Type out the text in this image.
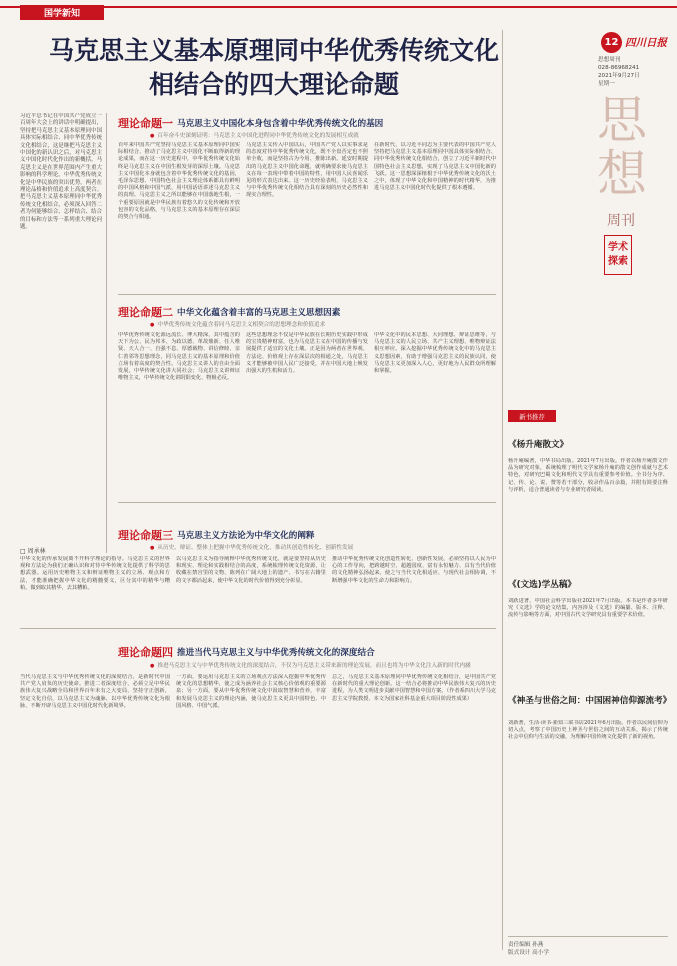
国学新知
马克思主义基本原理同中华优秀传统文化
相结合的四大理论命题
习近平总书记在中国共产党成立一百周年大会上的讲话中明确提出，坚持把马克思主义基本原理同中国具体实际相结合、同中华优秀传统文化相结合，这是继把马克思主义中国化的新认识之后，对马克思主义中国化时代化作出的新概括。马克思主义是在世界范围内产生重大影响的科学理论，中华优秀传统文化是中华民族的突出优势，两者在理论品格和价值追求上高度契合。把马克思主义基本原理同中华优秀传统文化相结合，必须深入回答二者为何能够结合、怎样结合、结合的目标和方法等一系列重大理论问题。
□ 周承林
理论命题一 马克思主义中国化本身包含着中华优秀传统文化的基因
● 百年奋斗史深刻证明：马克思主义中国化进程同中华优秀传统文化的发展相互成就
百年来中国共产党坚持马克思主义基本原理同中国实际相结合，推动了马克思主义中国化不断取得新的理论成果，而在这一历史进程中，中华优秀传统文化始终是马克思主义在中国生根发芽的深厚土壤。马克思主义中国化本身就包含着中华优秀传统文化的基因，毛泽东思想、中国特色社会主义理论体系都具有鲜明的中国风格和中国气派，用中国话语讲述马克思主义的真理。马克思主义之所以能够在中国落地生根，一个重要原因就是中华民族有着悠久的文化传统和开放包容的文化品格，与马克思主义的基本原理存在深层的契合与相通。
马克思主义传入中国以后，中国共产党人以实事求是的态度对待中华优秀传统文化，既不全盘否定也不照单全收，而是坚持古为今用、推陈出新。延安时期提出的马克思主义中国化命题，就明确要求使马克思主义在每一表现中带着中国的特性，用中国人民喜闻乐见的形式表达出来。这一历史经验表明，马克思主义与中华优秀传统文化相结合具有深刻的历史必然性和现实合理性。
在新时代，以习近平同志为主要代表的中国共产党人坚持把马克思主义基本原理同中国具体实际相结合、同中华优秀传统文化相结合，创立了习近平新时代中国特色社会主义思想，实现了马克思主义中国化新的飞跃。这一思想深深植根于中华优秀传统文化的沃土之中，体现了中华文化和中国精神的时代精华，为推进马克思主义中国化时代化提供了根本遵循。
理论命题二 中华文化蕴含着丰富的马克思主义思想因素
● 中华优秀传统文化蕴含着同马克思主义相契合的思想理念和价值追求
中华优秀传统文化源远流长、博大精深，其中蕴含的天下为公、民为邦本、为政以德、革故鼎新、任人唯贤、天人合一、自强不息、厚德载物、讲信修睦、亲仁善邻等思想理念，同马克思主义的基本原理和价值立场有着高度的契合性。马克思主义讲人的自由全面发展，中华传统文化讲大同社会；马克思主义讲辩证唯物主义，中华传统文化讲阴阳变化、物极必反。
这些思想理念不仅是中华民族在长期历史实践中形成的宝贵精神财富，也为马克思主义在中国的传播与发展提供了适宜的文化土壤。正是因为两者在世界观、方法论、价值观上存在深层次的相通之处，马克思主义才能够被中国人民广泛接受，并在中国大地上焕发出强大的生机和活力。
中华文化中的民本思想、大同理想、辩证思维等，与马克思主义的人民立场、共产主义理想、唯物辩证法相互呼应。深入挖掘中华优秀传统文化中的马克思主义思想因素，有助于增强马克思主义的民族认同，使马克思主义更加深入人心，更好地为人民群众所理解和掌握。
理论命题三 马克思主义方法论为中华文化的阐释
● 从历史、辩证、整体上把握中华优秀传统文化，推动其创造性转化、创新性发展
中华文化的传承发展离不开科学理论的指导。马克思主义的世界观和方法论为我们正确认识和对待中华传统文化提供了科学的思想武器。运用历史唯物主义和辩证唯物主义的立场、观点和方法，才能准确把握中华文化的精髓要义，区分其中的精华与糟粕，做到取其精华、去其糟粕。
以马克思主义为指导阐释中华优秀传统文化，就是要坚持从历史和现实、理论和实践相结合的高度，系统梳理传统文化资源，让收藏在禁宫里的文物、陈列在广阔大地上的遗产、书写在古籍里的文字都活起来，使中华文化的时代价值得到充分彰显。
推动中华优秀传统文化创造性转化、创新性发展，必须坚持以人民为中心的工作导向，把跨越时空、超越国度、富有永恒魅力、具有当代价值的文化精神弘扬起来，使之与当代文化相适应、与现代社会相协调，不断增强中华文化的生命力和影响力。
理论命题四 推进当代马克思主义与中华优秀传统文化的深度结合
● 推进马克思主义与中华优秀传统文化的深度结合，不仅为马克思主义带来新的理论发展，而且也将为中华文化注入新的时代内涵
当代马克思主义与中华优秀传统文化的深度结合，是新时代中国共产党人肩负的历史使命。推进二者深度结合，必须立足中华民族伟大复兴战略全局和世界百年未有之大变局，坚持守正创新，坚定文化自信，以马克思主义为魂脉、以中华优秀传统文化为根脉，不断开辟马克思主义中国化时代化新境界。
一方面，要运用马克思主义的立场观点方法深入挖掘中华优秀传统文化的思想精华，使之成为涵养社会主义核心价值观的重要源泉；另一方面，要从中华优秀传统文化中汲取智慧和营养，丰富和发展马克思主义的理论内涵，使马克思主义更具中国特色、中国风格、中国气派。
总之，马克思主义基本原理同中华优秀传统文化相结合，是中国共产党在新时代的重大理论创新。这一结合必将推动中华民族伟大复兴的历史进程，为人类文明进步贡献中国智慧和中国方案。（作者系四川大学马克思主义学院教授、本文为国家社科基金重大项目阶段性成果）
12 四川日报
思想周刊
028-86968241
2021年9月27日
星期一
思
想
周刊
学术
探索
新书推荐
《杨升庵散文》
杨升庵编著，中华书局出版。2021年7月出版。作者以杨升庵散文作品为研究对象，系统梳理了明代文学家杨升庵的散文创作成就与艺术特色，对研究巴蜀文化和明代文学具有重要参考价值。全书分为序、记、传、论、说、赞等若干部分，收录作品百余篇，并附有简要注释与评析，适合普通读者与专业研究者阅读。
《(文选)学丛稿》
刘跃进著，中国社会科学出版社2021年7月出版。本书是作者多年研究《文选》学的论文结集，内容涉及《文选》的编纂、版本、注释、流传与影响等方面，对中国古代文学研究具有重要学术价值。
《神圣与世俗之间：中国困神信仰源流考》
刘新著，生活·读书·新知三联书店2021年6月出版。作者以民间信仰为切入点，考察了中国历史上神圣与世俗之间的互动关系，揭示了传统社会中信仰与生活的交融，为理解中国传统文化提供了新的视角。
责任编辑 孙燕
版式设计 高小学
